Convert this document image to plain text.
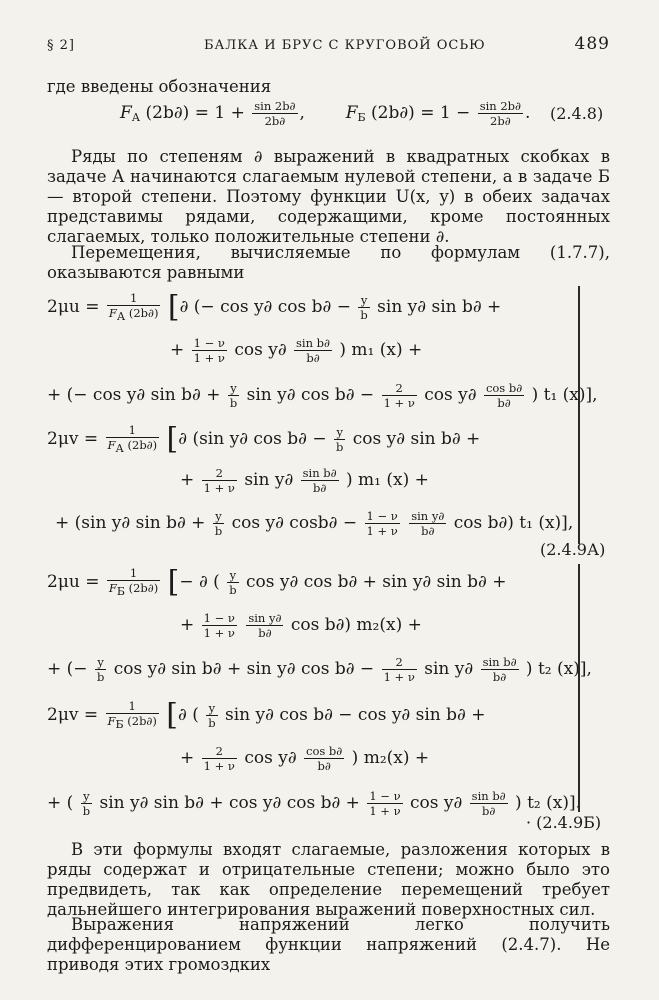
§ 2]	БАЛКА И БРУС С КРУГОВОЙ ОСЬЮ	489
где введены обозначения
$F_А$ $(2b\partial) = 1 + \frac{\sin 2b\partial}{2b\partial}$ ,  $F_Б$ $(2b\partial) = 1 - \frac{\sin 2b\partial}{2b\partial}$ . (2.4.8)
Ряды по степеням ∂ выражений в квадратных скобках в задаче А начинаются слагаемым нулевой степени, а в задаче Б — второй степени. Поэтому функции U(x, y) в обеих задачах представимы рядами, содержащими, кроме постоянных слагаемых, только положительные степени ∂.
Перемещения, вычисляемые по формулам (1.7.7), оказываются равными
$2\mu u = \frac{1}{FА (2b\partial)}$ [∂ (− cos y∂ $\cos b\partial - \frac{y}{b}$ sin y∂ sin b∂ +
+ $\frac{1 - \nu}{1 + \nu}$ $\cos y\partial \frac{\text{sin b∂}}{b\partial}$ ) m₁ (x) +
+ (− cos y∂ $\sin b\partial + \frac{y}{b}$ sin y∂ $\cos b\partial - \frac{2}{1 + \nu}$ $\cos y\partial \frac{\text{cos b∂}}{b\partial}$ ) t₁ (x)],
$2\mu v = \frac{1}{FА (2b\partial)}$ [∂ (sin y∂ $\cos b\partial - \frac{y}{b}$ cos y∂ sin b∂ +
+ $\frac{2}{1 + \nu}$ $\sin y\partial \frac{\text{sin b∂}}{b\partial}$ ) m₁ (x) +
+ (sin y∂ $\sin b\partial + \frac{y}{b}$ cos y∂ $\cos b\partial - \frac{1 - \nu}{1 + \nu}$
$\frac{\text{sin y∂}}{b\partial}$ cos b∂) t₁ (x)],
(2.4.9А)
$2\mu u = \frac{1}{FБ (2b\partial)}$ [− ∂ ( $\frac{y}{b}$ cos y∂ cos b∂ + sin y∂ sin b∂ +
+ $\frac{1 - \nu}{1 + \nu}$
$\frac{\text{sin y∂}}{b\partial}$ cos b∂) m₂(x) +
+ (− $\frac{y}{b}$ cos y∂ sin b∂ + sin y∂ $\cos b\partial - \frac{2}{1 + \nu}$ $\sin y\partial \frac{\text{sin b∂}}{b\partial}$ ) t₂ (x)],
$2\mu v = \frac{1}{FБ (2b\partial)}$ [∂ ( $\frac{y}{b}$ sin y∂ cos b∂ − cos y∂ sin b∂ +
+ $\frac{2}{1 + \nu}$ $\cos y\partial \frac{\text{cos b∂}}{b\partial}$ ) m₂(x) +
+ ( $\frac{y}{b}$ sin y∂ sin b∂ + cos y∂ $\cos b\partial + \frac{1 - \nu}{1 + \nu}$ $\cos y\partial \frac{\text{sin b∂}}{b\partial}$ ) t₂ (x)].
· (2.4.9Б)
В эти формулы входят слагаемые, разложения которых в ряды содержат и отрицательные степени; можно было это предвидеть, так как определение перемещений требует дальнейшего интегрирования выражений поверхностных сил.
Выражения напряжений легко получить дифференцированием функции напряжений (2.4.7). Не приводя этих громоздких
